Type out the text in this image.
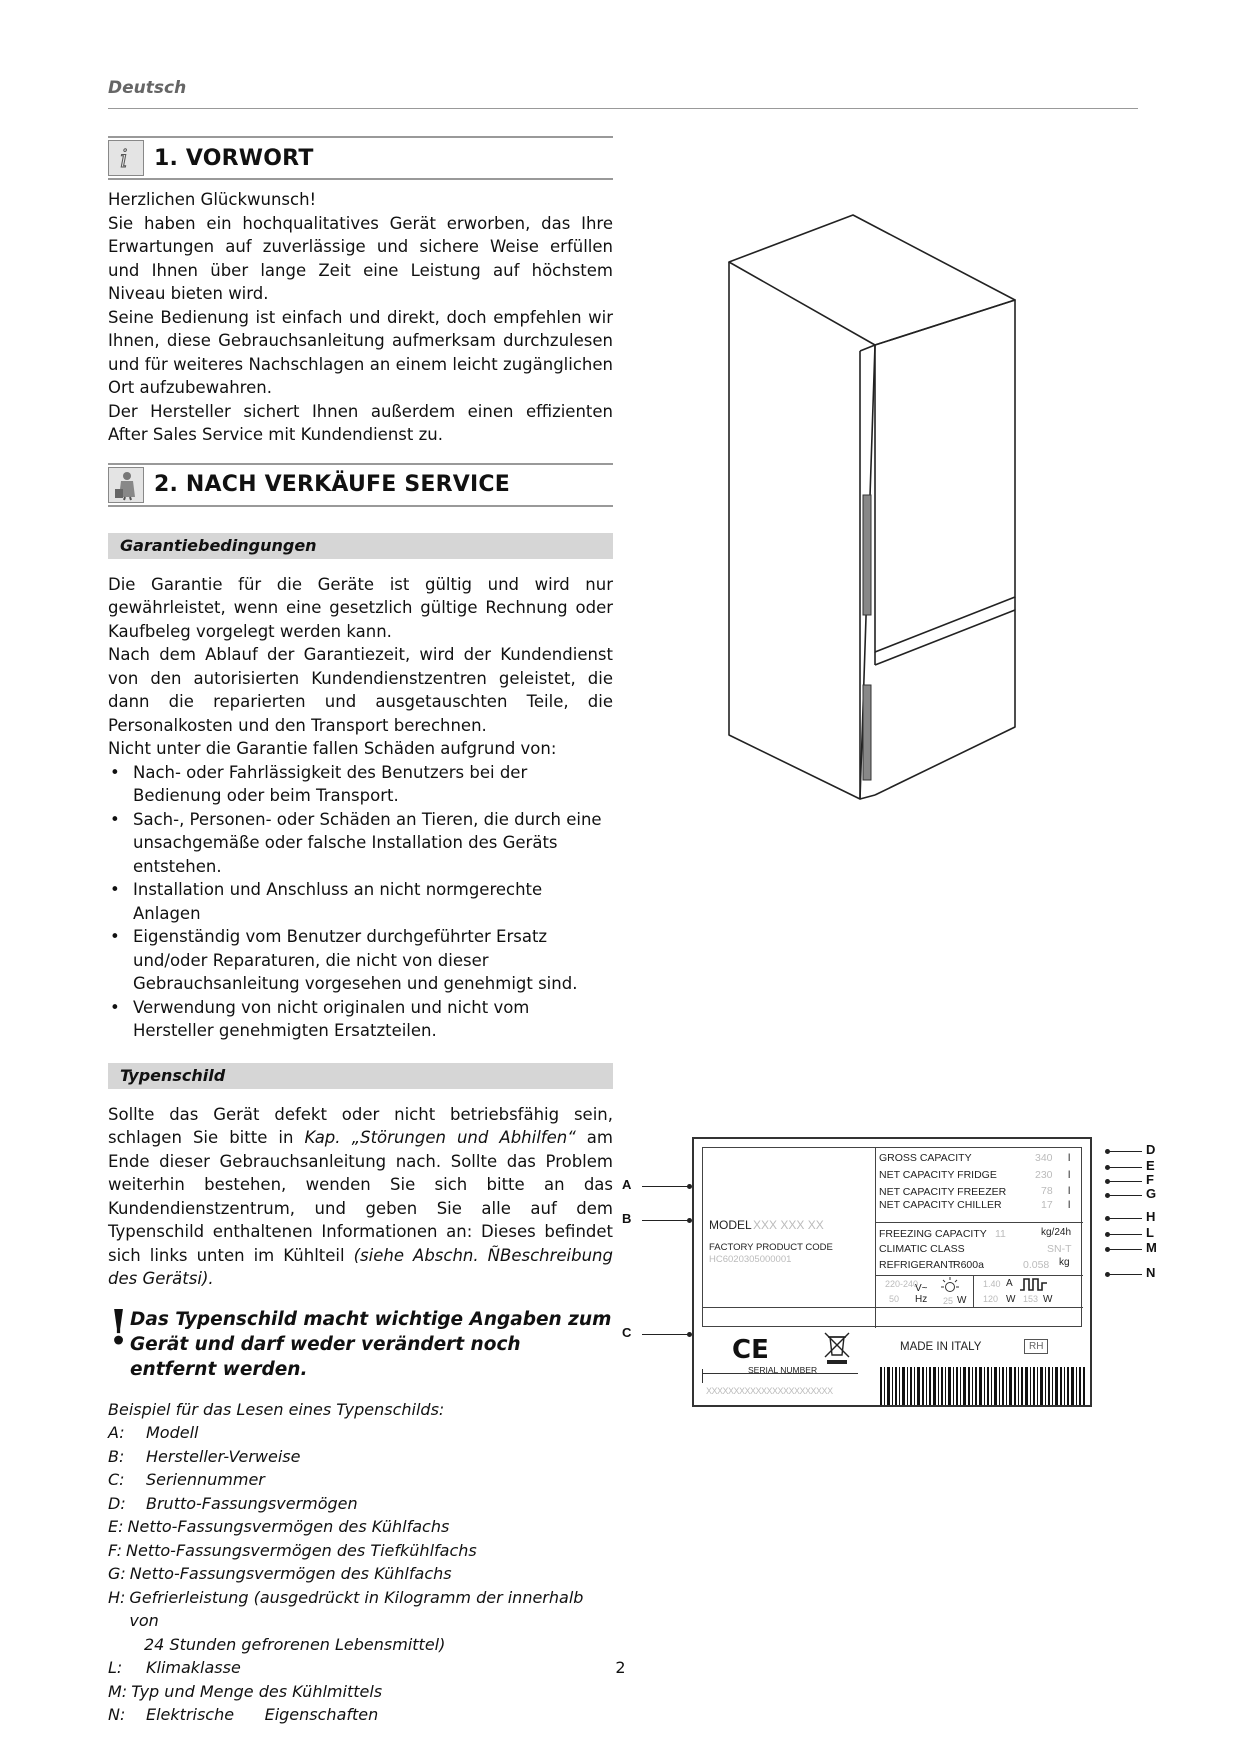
Deutsch
i 1. VORWORT

Herzlichen Glückwunsch!

Sie haben ein hochqualitatives Gerät erworben, das Ihre Erwartungen auf zuverlässige und sichere Weise erfüllen und Ihnen über lange Zeit eine Leistung auf höchstem Niveau bieten wird.

Seine Bedienung ist einfach und direkt, doch empfehlen wir Ihnen, diese Gebrauchsanleitung aufmerksam durchzulesen und für weiteres Nachschlagen an einem leicht zugänglichen Ort aufzubewahren.

Der Hersteller sichert Ihnen außerdem einen effizienten After Sales Service mit Kundendienst zu.

2. NACH VERKÄUFE SERVICE
Garantiebedingungen

Die Garantie für die Geräte ist gültig und wird nur gewährleistet, wenn eine gesetzlich gültige Rechnung oder Kaufbeleg vorgelegt werden kann.

Nach dem Ablauf der Garantiezeit, wird der Kundendienst von den autorisierten Kundendienstzentren geleistet, die dann die reparierten und ausgetauschten Teile, die Personalkosten und den Transport berechnen.

Nicht unter die Garantie fallen Schäden aufgrund von:

• Nach- oder Fahrlässigkeit des Benutzers bei der Bedienung oder beim Transport.
• Sach-, Personen- oder Schäden an Tieren, die durch eine unsachgemäße oder falsche Installation des Geräts entstehen.
• Installation und Anschluss an nicht normgerechte Anlagen
• Eigenständig vom Benutzer durchgeführter Ersatz und/oder Reparaturen, die nicht von dieser Gebrauchsanleitung vorgesehen und genehmigt sind.
• Verwendung von nicht originalen und nicht vom Hersteller genehmigten Ersatzteilen.
Typenschild
Sollte das Gerät defekt oder nicht betriebsfähig sein, schlagen Sie bitte in Kap. „Störungen und Abhilfen“ am Ende dieser Gebrauchsanleitung nach. Sollte das Problem weiterhin bestehen, wenden Sie sich bitte an das Kundendienstzentrum, und geben Sie alle auf dem Typenschild enthaltenen Informationen an: Dieses befindet sich links unten im Kühlteil (siehe Abschn. ÑBeschreibung des Gerätsi).
! Das Typenschild macht wichtige Angaben zum Gerät und darf weder verändert noch entfernt werden.
Beispiel für das Lesen eines Typenschilds:
A:	Modell
B:	Hersteller-Verweise
C:	Seriennummer
D:	Brutto-Fassungsvermögen
E: Netto-Fassungsvermögen des Kühlfachs
F: Netto-Fassungsvermögen des Tiefkühlfachs
G: Netto-Fassungsvermögen des Kühlfachs
H: Gefrierleistung (ausgedrückt in Kilogramm der innerhalb von
24 Stunden gefrorenen Lebensmittel)
L:	Klimaklasse
M: Typ und Menge des Kühlmittels
N:	Elektrische      Eigenschaften
A
B
C
D
E
F
G
H
L
M
N
GROSS CAPACITY	340 l
NET CAPACITY FRIDGE	230 l
NET CAPACITY FREEZER	78 l
NET CAPACITY CHILLER	17 l
MODEL XXX XXX XX
FACTORY PRODUCT CODE
HC6020305000001
FREEZING CAPACITY 11	kg/24h
CLIMATIC CLASS	SN-T
REFRIGERANT
R600a	0.058 kg
220-240
V~
50 Hz 25 W
1.40 A
120 W 153 W
CE	MADE IN ITALY	RH
SERIAL NUMBER
XXXXXXXXXXXXXXXXXXXXXXX
2
